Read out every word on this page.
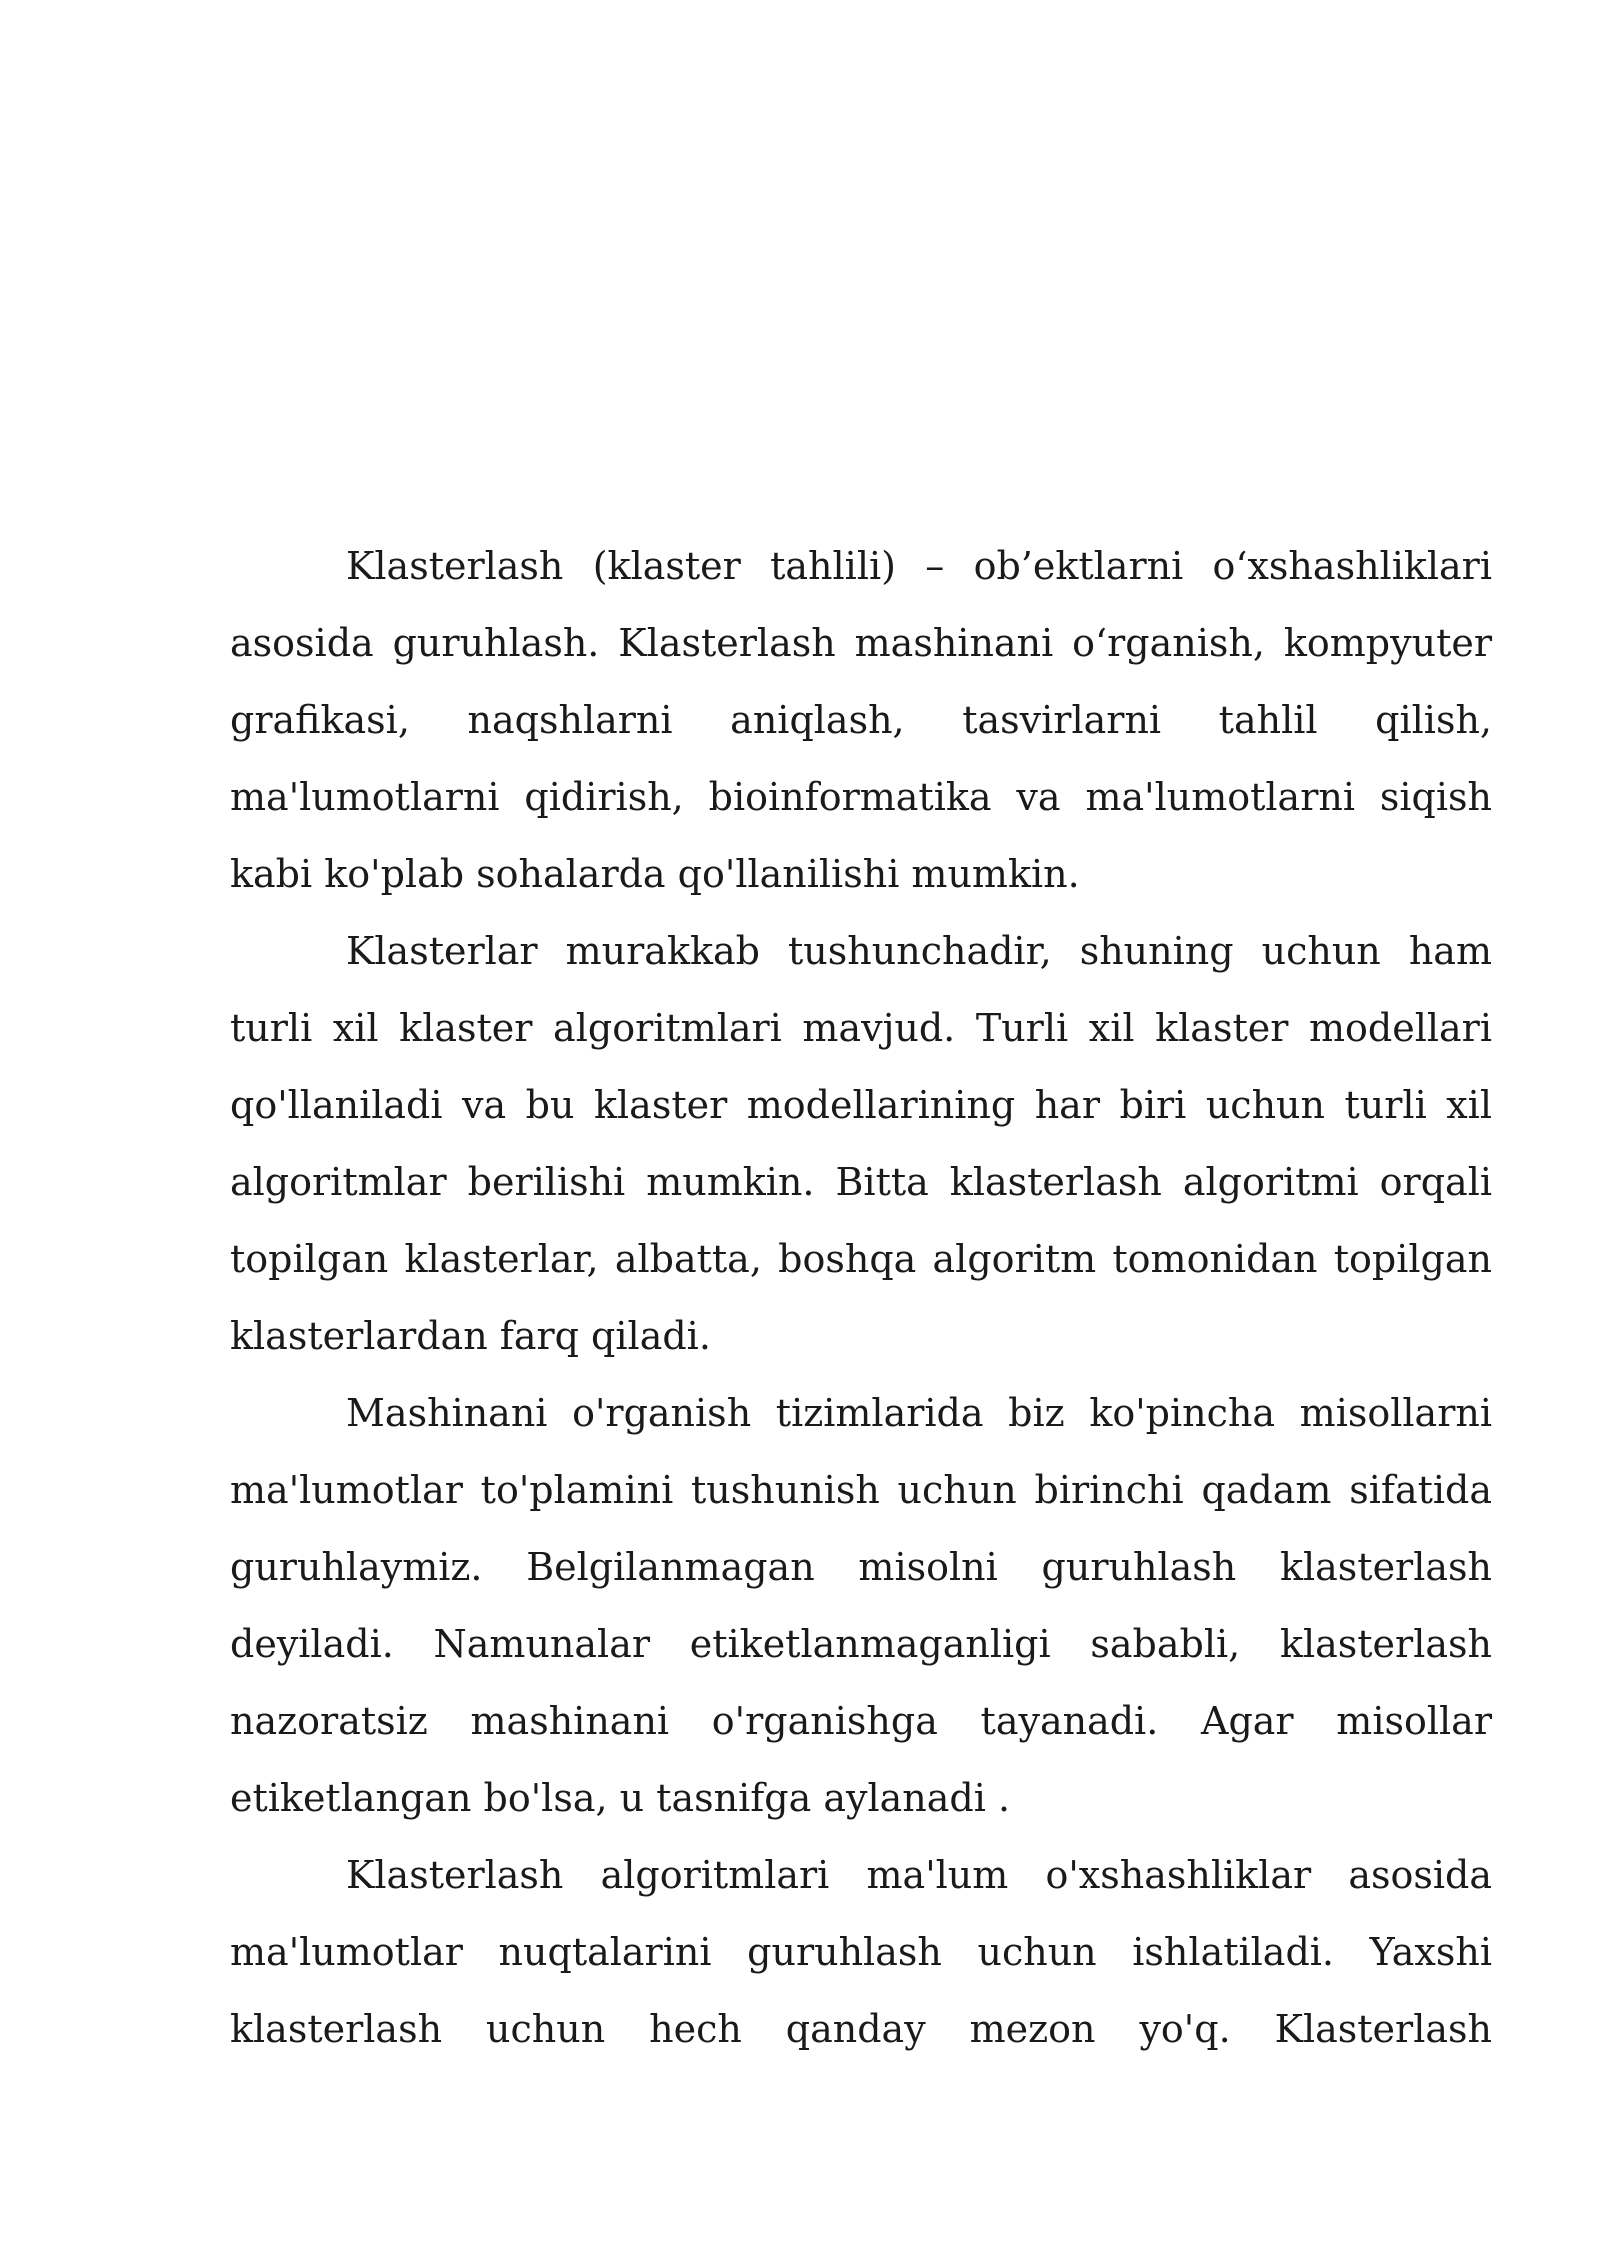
Klasterlash (klaster tahlili) – ob’ektlarni o‘xshashliklari asosida guruhlash. Klasterlash mashinani o‘rganish, kompyuter grafikasi, naqshlarni aniqlash, tasvirlarni tahlil qilish, ma'lumotlarni qidirish, bioinformatika va ma'lumotlarni siqish kabi ko'plab sohalarda qo'llanilishi mumkin.

Klasterlar murakkab tushunchadir, shuning uchun ham turli xil klaster algoritmlari mavjud. Turli xil klaster modellari qo'llaniladi va bu klaster modellarining har biri uchun turli xil algoritmlar berilishi mumkin. Bitta klasterlash algoritmi orqali topilgan klasterlar, albatta, boshqa algoritm tomonidan topilgan klasterlardan farq qiladi.

Mashinani o'rganish tizimlarida biz ko'pincha misollarni ma'lumotlar to'plamini tushunish uchun birinchi qadam sifatida guruhlaymiz. Belgilanmagan misolni guruhlash klasterlash deyiladi. Namunalar etiketlanmaganligi sababli, klasterlash nazoratsiz mashinani o'rganishga tayanadi. Agar misollar etiketlangan bo'lsa, u tasnifga aylanadi .

Klasterlash algoritmlari ma'lum o'xshashliklar asosida ma'lumotlar nuqtalarini guruhlash uchun ishlatiladi. Yaxshi klasterlash uchun hech qanday mezon yo'q. Klasterlash
